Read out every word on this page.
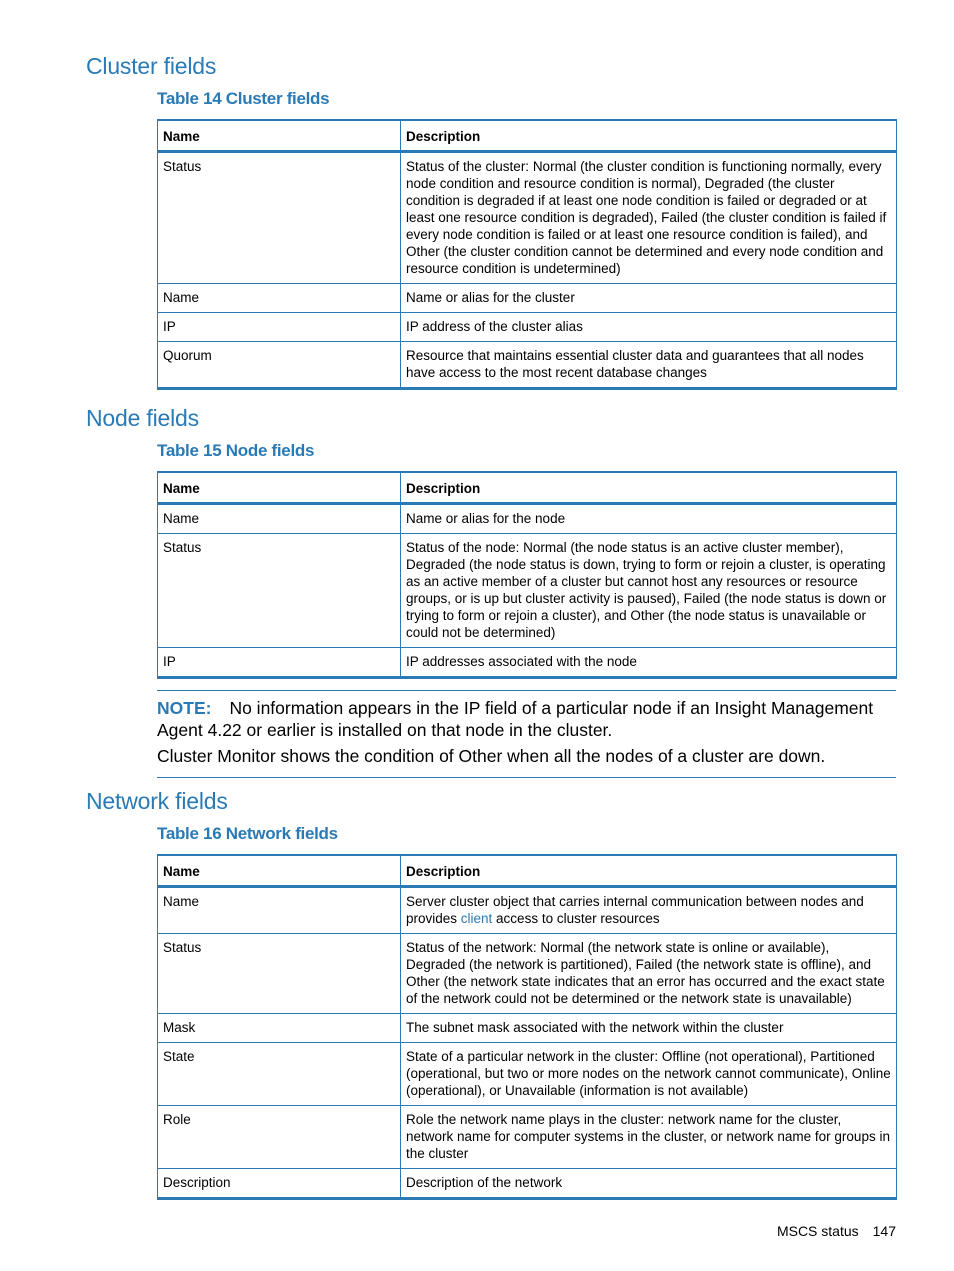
Cluster fields
Table 14 Cluster fields
Name	Description
Status	Status of the cluster: Normal (the cluster condition is functioning normally, every node condition and resource condition is normal), Degraded (the cluster condition is degraded if at least one node condition is failed or degraded or at least one resource condition is degraded), Failed (the cluster condition is failed if every node condition is failed or at least one resource condition is failed), and Other (the cluster condition cannot be determined and every node condition and resource condition is undetermined)
Name	Name or alias for the cluster
IP	IP address of the cluster alias
Quorum	Resource that maintains essential cluster data and guarantees that all nodes have access to the most recent database changes
Node fields
Table 15 Node fields
Name	Description
Name	Name or alias for the node
Status	Status of the node: Normal (the node status is an active cluster member), Degraded (the node status is down, trying to form or rejoin a cluster, is operating as an active member of a cluster but cannot host any resources or resource groups, or is up but cluster activity is paused), Failed (the node status is down or trying to form or rejoin a cluster), and Other (the node status is unavailable or could not be determined)
IP	IP addresses associated with the node

NOTE: No information appears in the IP field of a particular node if an Insight Management Agent 4.22 or earlier is installed on that node in the cluster.

Cluster Monitor shows the condition of Other when all the nodes of a cluster are down.

Network fields
Table 16 Network fields
Name	Description
Name	Server cluster object that carries internal communication between nodes and provides client access to cluster resources
Status	Status of the network: Normal (the network state is online or available), Degraded (the network is partitioned), Failed (the network state is offline), and Other (the network state indicates that an error has occurred and the exact state of the network could not be determined or the network state is unavailable)
Mask	The subnet mask associated with the network within the cluster
State	State of a particular network in the cluster: Offline (not operational), Partitioned (operational, but two or more nodes on the network cannot communicate), Online (operational), or Unavailable (information is not available)
Role	Role the network name plays in the cluster: network name for the cluster, network name for computer systems in the cluster, or network name for groups in the cluster
Description	Description of the network
MSCS status 147
